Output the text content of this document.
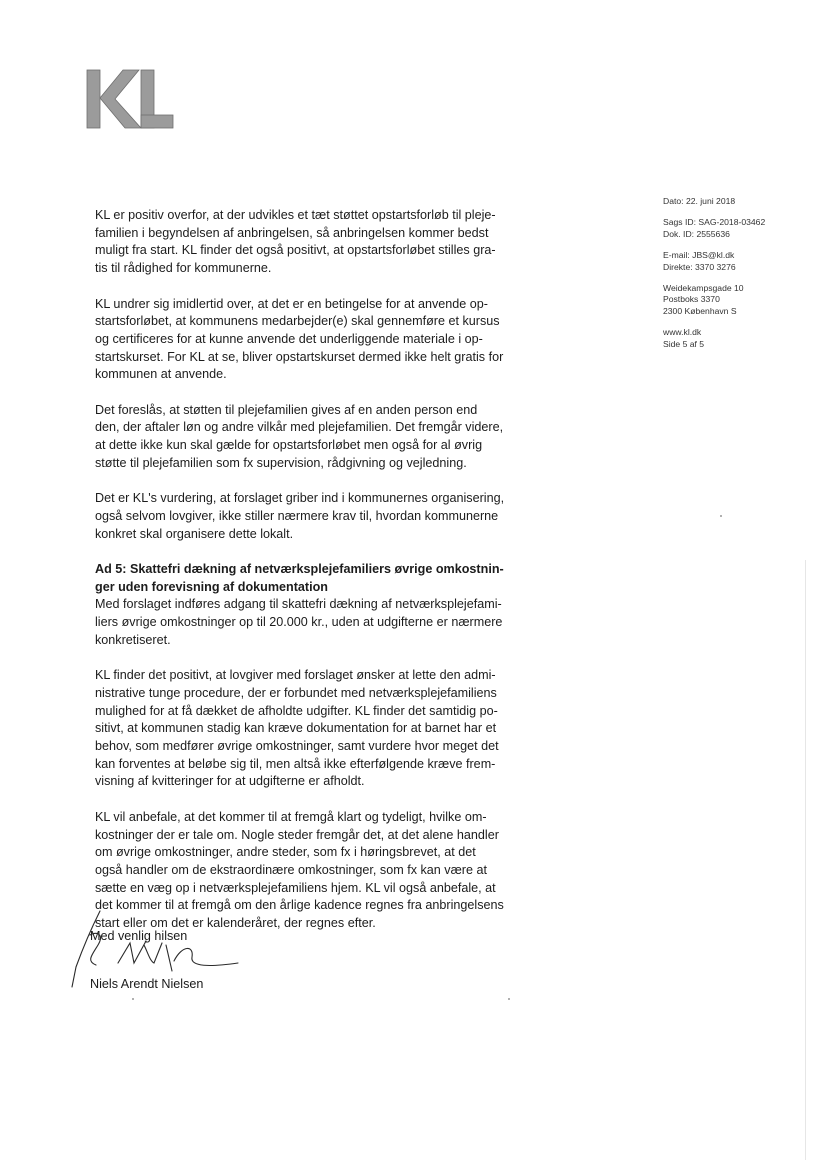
Dato: 22. juni 2018
Sags ID: SAG-2018-03462
Dok. ID: 2555636
E-mail: JBS@kl.dk
Direkte: 3370 3276
Weidekampsgade 10
Postboks 3370
2300 København S
www.kl.dk
Side 5 af 5
KL er positiv overfor, at der udvikles et tæt støttet opstartsforløb til pleje-
familien i begyndelsen af anbringelsen, så anbringelsen kommer bedst
muligt fra start. KL finder det også positivt, at opstartsforløbet stilles gra-
tis til rådighed for kommunerne.
KL undrer sig imidlertid over, at det er en betingelse for at anvende op-
startsforløbet, at kommunens medarbejder(e) skal gennemføre et kursus
og certificeres for at kunne anvende det underliggende materiale i op-
startskurset. For KL at se, bliver opstartskurset dermed ikke helt gratis for
kommunen at anvende.
Det foreslås, at støtten til plejefamilien gives af en anden person end
den, der aftaler løn og andre vilkår med plejefamilien. Det fremgår videre,
at dette ikke kun skal gælde for opstartsforløbet men også for al øvrig
støtte til plejefamilien som fx supervision, rådgivning og vejledning.
Det er KL's vurdering, at forslaget griber ind i kommunernes organisering,
også selvom lovgiver, ikke stiller nærmere krav til, hvordan kommunerne
konkret skal organisere dette lokalt.
Ad 5: Skattefri dækning af netværksplejefamiliers øvrige omkostnin-
ger uden forevisning af dokumentation
Med forslaget indføres adgang til skattefri dækning af netværksplejefami-
liers øvrige omkostninger op til 20.000 kr., uden at udgifterne er nærmere
konkretiseret.
KL finder det positivt, at lovgiver med forslaget ønsker at lette den admi-
nistrative tunge procedure, der er forbundet med netværksplejefamiliens
mulighed for at få dækket de afholdte udgifter. KL finder det samtidig po-
sitivt, at kommunen stadig kan kræve dokumentation for at barnet har et
behov, som medfører øvrige omkostninger, samt vurdere hvor meget det
kan forventes at beløbe sig til, men altså ikke efterfølgende kræve frem-
visning af kvitteringer for at udgifterne er afholdt.
KL vil anbefale, at det kommer til at fremgå klart og tydeligt, hvilke om-
kostninger der er tale om. Nogle steder fremgår det, at det alene handler
om øvrige omkostninger, andre steder, som fx i høringsbrevet, at det
også handler om de ekstraordinære omkostninger, som fx kan være at
sætte en væg op i netværksplejefamiliens hjem. KL vil også anbefale, at
det kommer til at fremgå om den årlige kadence regnes fra anbringelsens
start eller om det er kalenderåret, der regnes efter.
Med venlig hilsen
Niels Arendt Nielsen
